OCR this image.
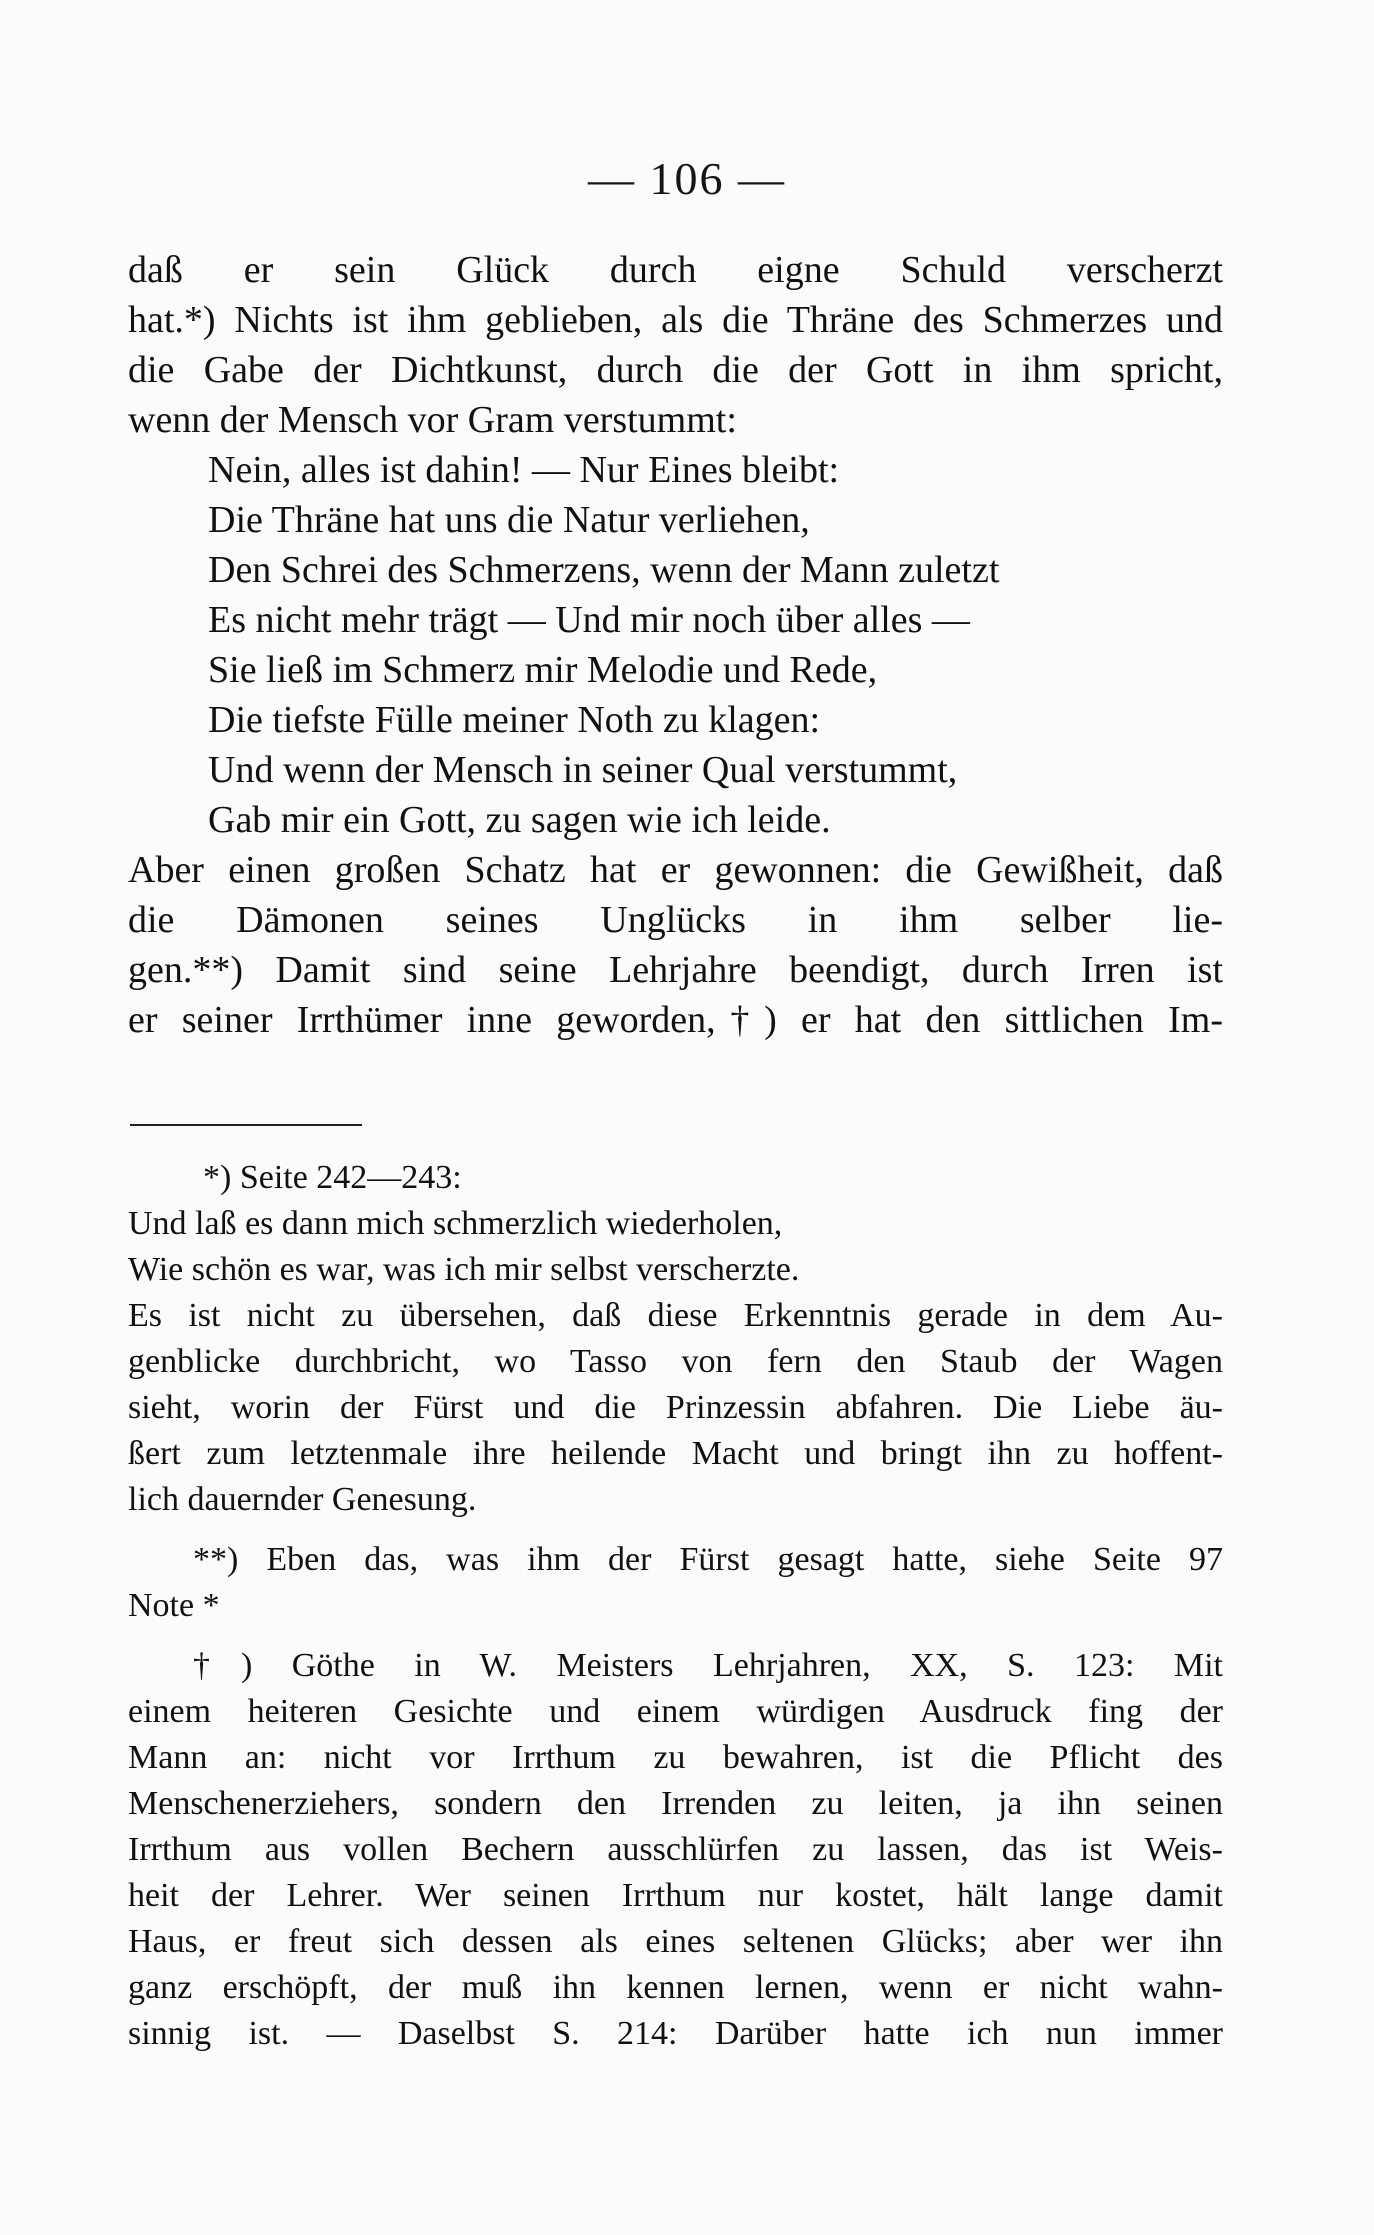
— 106 —
daß er sein Glück durch eigne Schuld verscherzt
hat.*) Nichts ist ihm geblieben, als die Thräne des Schmerzes und
die Gabe der Dichtkunst, durch die der Gott in ihm spricht,
wenn der Mensch vor Gram verstummt:
Nein, alles ist dahin! — Nur Eines bleibt:
Die Thräne hat uns die Natur verliehen,
Den Schrei des Schmerzens, wenn der Mann zuletzt
Es nicht mehr trägt — Und mir noch über alles —
Sie ließ im Schmerz mir Melodie und Rede,
Die tiefste Fülle meiner Noth zu klagen:
Und wenn der Mensch in seiner Qual verstummt,
Gab mir ein Gott, zu sagen wie ich leide.
Aber einen großen Schatz hat er gewonnen: die Gewißheit, daß
die Dämonen seines Unglücks in ihm selber lie-
gen.**) Damit sind seine Lehrjahre beendigt, durch Irren ist
er seiner Irrthümer inne geworden,†) er hat den sittlichen Im-
*) Seite 242—243:
Und laß es dann mich schmerzlich wiederholen,
Wie schön es war, was ich mir selbst verscherzte.
Es ist nicht zu übersehen, daß diese Erkenntnis gerade in dem Au-
genblicke durchbricht, wo Tasso von fern den Staub der Wagen
sieht, worin der Fürst und die Prinzessin abfahren. Die Liebe äu-
ßert zum letztenmale ihre heilende Macht und bringt ihn zu hoffent-
lich dauernder Genesung.
**) Eben das, was ihm der Fürst gesagt hatte, siehe Seite 97
Note *
†) Göthe in W. Meisters Lehrjahren, XX, S. 123: Mit
einem heiteren Gesichte und einem würdigen Ausdruck fing der
Mann an: nicht vor Irrthum zu bewahren, ist die Pflicht des
Menschenerziehers, sondern den Irrenden zu leiten, ja ihn seinen
Irrthum aus vollen Bechern ausschlürfen zu lassen, das ist Weis-
heit der Lehrer. Wer seinen Irrthum nur kostet, hält lange damit
Haus, er freut sich dessen als eines seltenen Glücks; aber wer ihn
ganz erschöpft, der muß ihn kennen lernen, wenn er nicht wahn-
sinnig ist. — Daselbst S. 214: Darüber hatte ich nun immer
